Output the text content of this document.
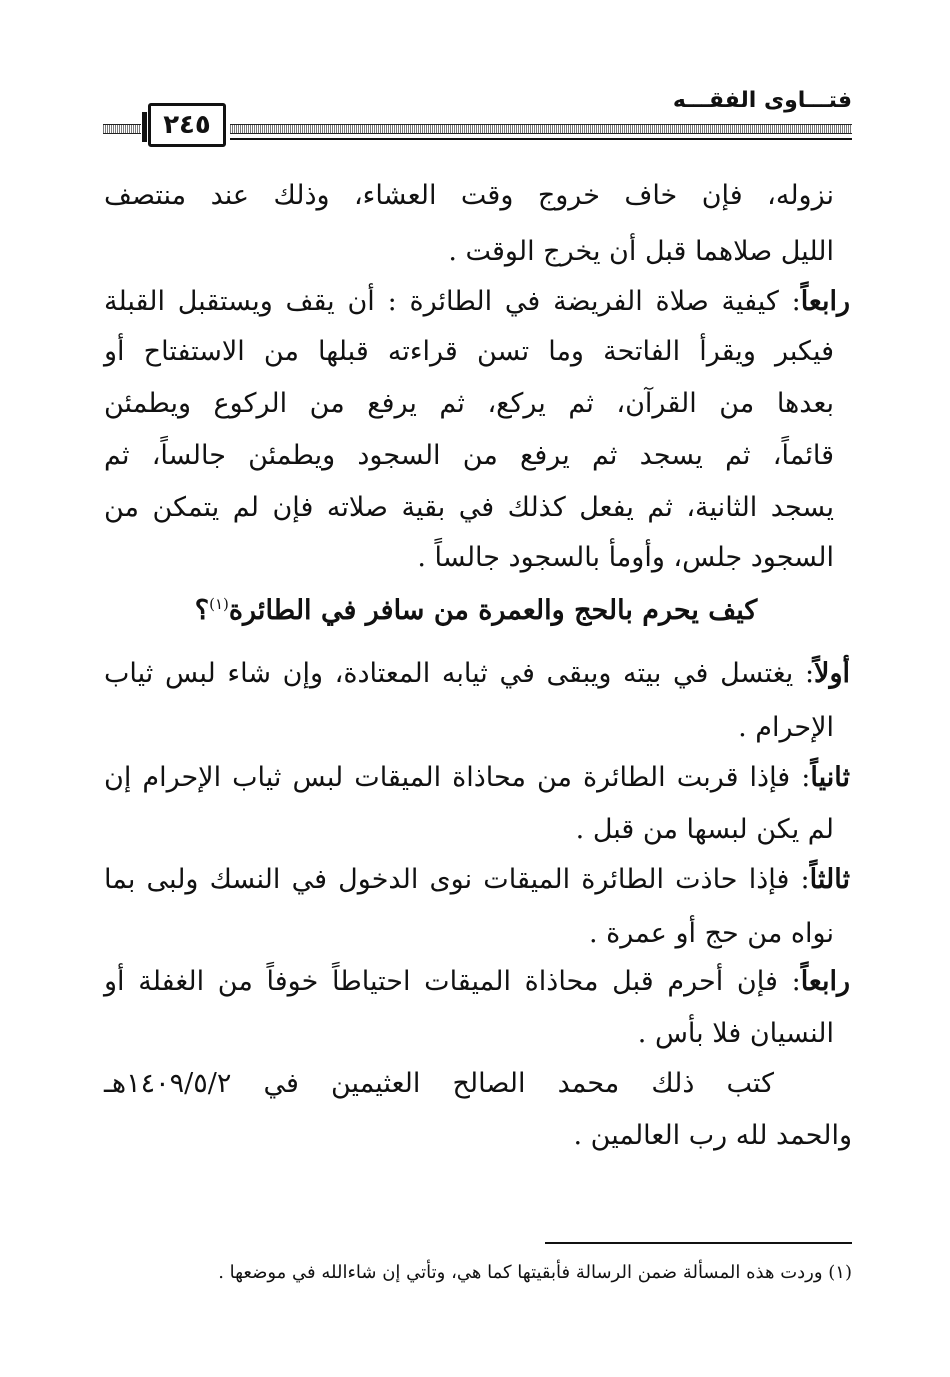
فتـــاوى الفقـــه
٢٤٥
نزوله، فإن خاف خروج وقت العشاء، وذلك عند منتصف
الليل صلاهما قبل أن يخرج الوقت .
رابعاً: كيفية صلاة الفريضة في الطائرة : أن يقف ويستقبل القبلة
فيكبر ويقرأ الفاتحة وما تسن قراءته قبلها من الاستفتاح أو
بعدها من القرآن، ثم يركع، ثم يرفع من الركوع ويطمئن
قائماً، ثم يسجد ثم يرفع من السجود ويطمئن جالساً، ثم
يسجد الثانية، ثم يفعل كذلك في بقية صلاته فإن لم يتمكن من
السجود جلس، وأومأ بالسجود جالساً .
كيف يحرم بالحج والعمرة من سافر في الطائرة$^{(١)}$؟
أولاً: يغتسل في بيته ويبقى في ثيابه المعتادة، وإن شاء لبس ثياب
الإحرام .
ثانياً: فإذا قربت الطائرة من محاذاة الميقات لبس ثياب الإحرام إن
لم يكن لبسها من قبل .
ثالثاً: فإذا حاذت الطائرة الميقات نوى الدخول في النسك ولبى بما
نواه من حج أو عمرة .
رابعاً: فإن أحرم قبل محاذاة الميقات احتياطاً خوفاً من الغفلة أو
النسيان فلا بأس .
كتب ذلك محمد الصالح العثيمين في ١٤٠٩/٥/٢هـ
والحمد لله رب العالمين .
(١) وردت هذه المسألة ضمن الرسالة فأبقيتها كما هي، وتأتي إن شاءالله في موضعها .
